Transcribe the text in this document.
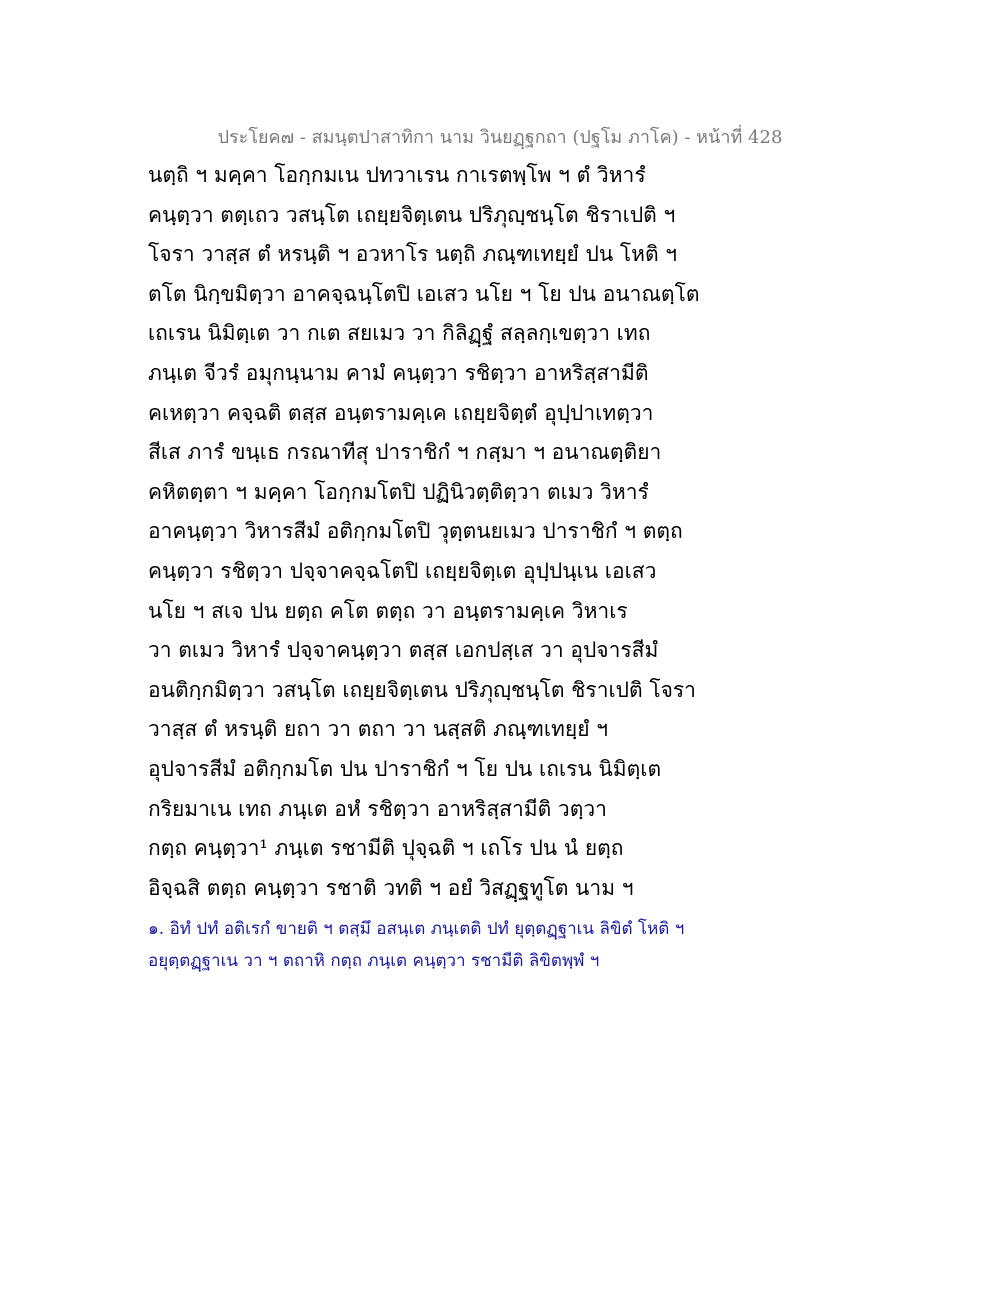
ประโยค๗ - สมนฺตปาสาทิกา นาม วินยฏฺฐกถา (ปฐโม ภาโค) - หน้าที่ 428
นตฺถิ ฯ มคฺคา โอกฺกมเน ปทวาเรน กาเรตพฺโพ ฯ ตํ วิหารํ
คนฺตฺวา ตตฺเถว วสนฺโต เถยฺยจิตฺเตน ปริภุญฺชนฺโต ชิราเปติ ฯ
โจรา วาสฺส ตํ หรนฺติ ฯ อวหาโร นตฺถิ ภณฺฑเทยฺยํ ปน โหติ ฯ
ตโต นิกฺขมิตฺวา อาคจฺฉนฺโตปิ เอเสว นโย ฯ โย ปน อนาณตฺโต
เถเรน นิมิตฺเต วา กเต สยเมว วา กิลิฏฺฐํ สลฺลกฺเขตฺวา เทถ
ภนฺเต จีวรํ อมุกนฺนาม คามํ คนฺตฺวา รชิตฺวา อาหริสฺสามีติ
คเหตฺวา คจฺฉติ ตสฺส อนฺตรามคฺเค เถยฺยจิตฺตํ อุปฺปาเทตฺวา
สีเส ภารํ ขนฺเธ กรณาทีสุ ปาราชิกํ ฯ กสฺมา ฯ อนาณตฺติยา
คหิตตฺตา ฯ มคฺคา โอกฺกมโตปิ ปฏินิวตฺติตฺวา ตเมว วิหารํ
อาคนฺตฺวา วิหารสีมํ อติกฺกมโตปิ วุตฺตนยเมว ปาราชิกํ ฯ ตตฺถ
คนฺตฺวา รชิตฺวา ปจฺจาคจฺฉโตปิ เถยฺยจิตฺเต อุปฺปนฺเน เอเสว
นโย ฯ สเจ ปน ยตฺถ คโต ตตฺถ วา อนฺตรามคฺเค วิหาเร
วา ตเมว วิหารํ ปจฺจาคนฺตฺวา ตสฺส เอกปสฺเส วา อุปจารสีมํ
อนติกฺกมิตฺวา วสนฺโต เถยฺยจิตฺเตน ปริภุญฺชนฺโต ชิราเปติ โจรา
วาสฺส ตํ หรนฺติ ยถา วา ตถา วา นสฺสติ ภณฺฑเทยฺยํ ฯ
อุปจารสีมํ อติกฺกมโต ปน ปาราชิกํ ฯ โย ปน เถเรน นิมิตฺเต
กริยมาเน เทถ ภนฺเต อหํ รชิตฺวา อาหริสฺสามีติ วตฺวา
กตฺถ คนฺตฺวา¹ ภนฺเต รชามีติ ปุจฺฉติ ฯ เถโร ปน นํ ยตฺถ
อิจฺฉสิ ตตฺถ คนฺตฺวา รชาติ วทติ ฯ อยํ วิสฏฺฐทูโต นาม ฯ
๑. อิทํ ปทํ อติเรกํ ขายติ ฯ ตสฺมึ อสนฺเต ภนฺเตติ ปทํ ยุตฺตฏฺฐาเน ลิขิตํ โหติ ฯ
อยุตฺตฏฺฐาเน วา ฯ ตถาหิ กตฺถ ภนฺเต คนฺตฺวา รชามีติ ลิขิตพฺพํ ฯ
